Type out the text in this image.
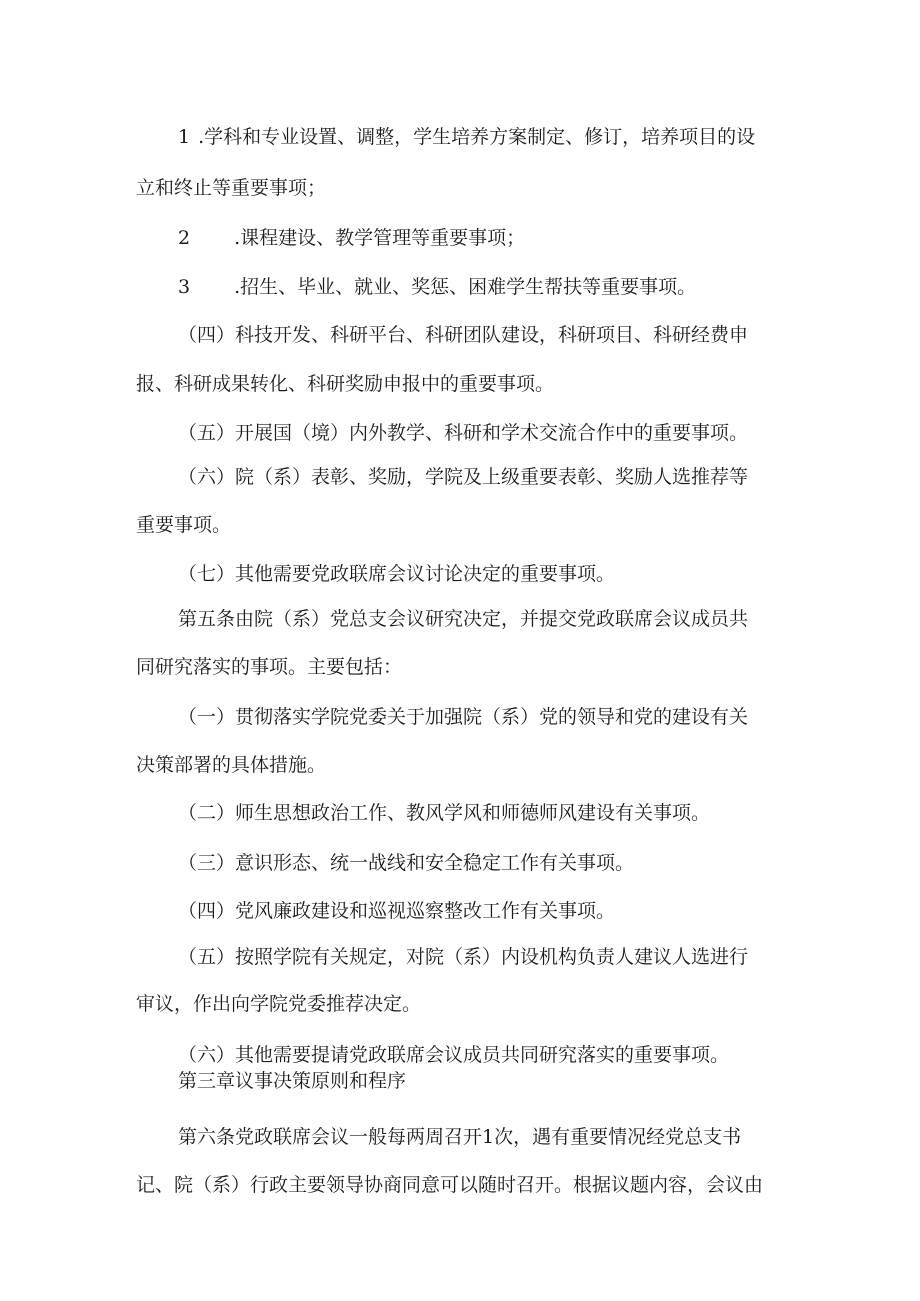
1 .学科和专业设置、调整，学生培养方案制定、修订，培养项目的设
立和终止等重要事项；
2 .课程建设、教学管理等重要事项；
3 .招生、毕业、就业、奖惩、困难学生帮扶等重要事项。
（四）科技开发、科研平台、科研团队建设，科研项目、科研经费申
报、科研成果转化、科研奖励申报中的重要事项。
（五）开展国（境）内外教学、科研和学术交流合作中的重要事项。
（六）院（系）表彰、奖励，学院及上级重要表彰、奖励人选推荐等
重要事项。
（七）其他需要党政联席会议讨论决定的重要事项。
第五条由院（系）党总支会议研究决定，并提交党政联席会议成员共
同研究落实的事项。主要包括：
（一）贯彻落实学院党委关于加强院（系）党的领导和党的建设有关
决策部署的具体措施。
（二）师生思想政治工作、教风学风和师德师风建设有关事项。
（三）意识形态、统一战线和安全稳定工作有关事项。
（四）党风廉政建设和巡视巡察整改工作有关事项。
（五）按照学院有关规定，对院（系）内设机构负责人建议人选进行
审议，作出向学院党委推荐决定。
（六）其他需要提请党政联席会议成员共同研究落实的重要事项。
第三章议事决策原则和程序
第六条党政联席会议一般每两周召开1次，遇有重要情况经党总支书
记、院（系）行政主要领导协商同意可以随时召开。根据议题内容，会议由
